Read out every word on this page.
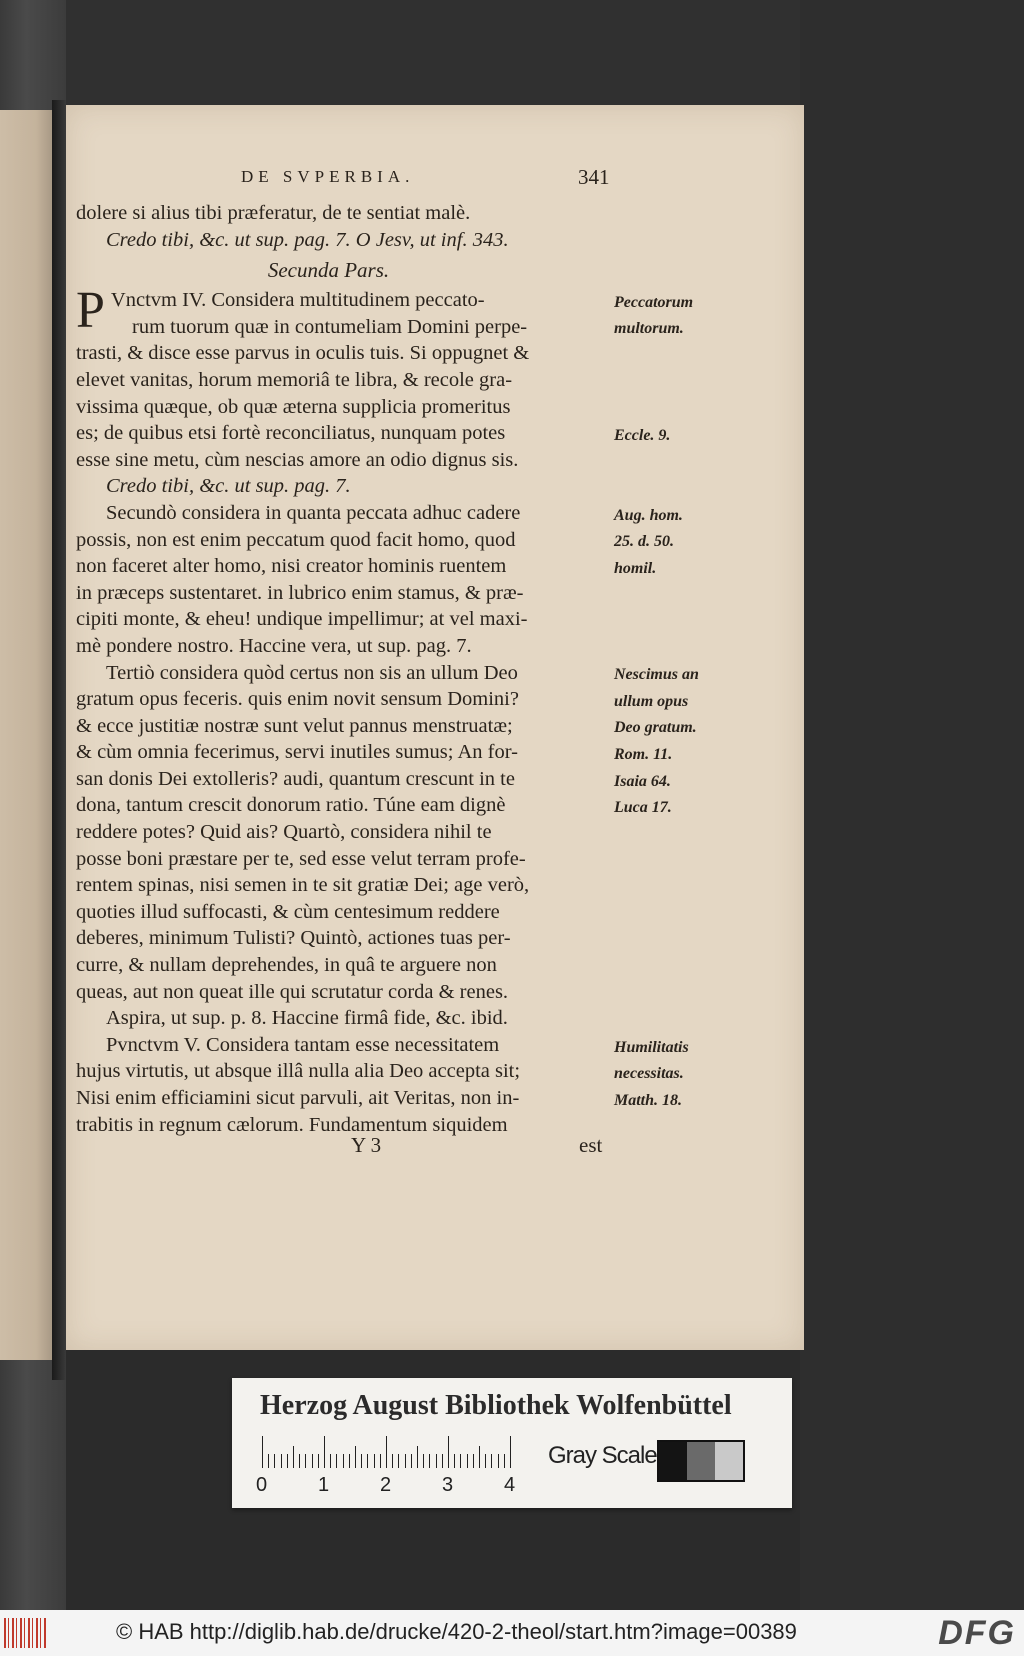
DE SVPERBIA.	341
dolere si alius tibi præferatur, de te sentiat malè.
Credo tibi, &c. ut sup. pag. 7. O Jesv, ut inf. 343.
Secunda Pars.
P Vnctvm IV. Considera multitudinem peccato-
rum tuorum quæ in contumeliam Domini perpe-
trasti, & disce esse parvus in oculis tuis. Si oppugnet &
elevet vanitas, horum memoriâ te libra, & recole gra-
vissima quæque, ob quæ æterna supplicia promeritus
es; de quibus etsi fortè reconciliatus, nunquam potes
esse sine metu, cùm nescias amore an odio dignus sis.
Credo tibi, &c. ut sup. pag. 7.
Secundò considera in quanta peccata adhuc cadere
possis, non est enim peccatum quod facit homo, quod
non faceret alter homo, nisi creator hominis ruentem
in præceps sustentaret. in lubrico enim stamus, & præ-
cipiti monte, & eheu! undique impellimur; at vel maxi-
mè pondere nostro. Haccine vera, ut sup. pag. 7.
Tertiò considera quòd certus non sis an ullum Deo
gratum opus feceris. quis enim novit sensum Domini?
& ecce justitiæ nostræ sunt velut pannus menstruatæ;
& cùm omnia fecerimus, servi inutiles sumus; An for-
san donis Dei extolleris? audi, quantum crescunt in te
dona, tantum crescit donorum ratio. Túne eam dignè
reddere potes? Quid ais? Quartò, considera nihil te
posse boni præstare per te, sed esse velut terram profe-
rentem spinas, nisi semen in te sit gratiæ Dei; age verò,
quoties illud suffocasti, & cùm centesimum reddere
deberes, minimum Tulisti? Quintò, actiones tuas per-
curre, & nullam deprehendes, in quâ te arguere non
queas, aut non queat ille qui scrutatur corda & renes.
Aspira, ut sup. p. 8. Haccine firmâ fide, &c. ibid.
Pvnctvm V. Considera tantam esse necessitatem
hujus virtutis, ut absque illâ nulla alia Deo accepta sit;
Nisi enim efficiamini sicut parvuli, ait Veritas, non in-
trabitis in regnum cælorum. Fundamentum siquidem
Peccatorum
multorum.
Eccle. 9.
Aug. hom.
25. d. 50.
homil.
Nescimus an
ullum opus
Deo gratum.
Rom. 11.
Isaia 64.
Luca 17.
Humilitatis
necessitas.
Matth. 18.
Y 3	est
Herzog August Bibliothek Wolfenbüttel
0	1	2	3	4
Gray Scale
© HAB http://diglib.hab.de/drucke/420-2-theol/start.htm?image=00389	DFG
